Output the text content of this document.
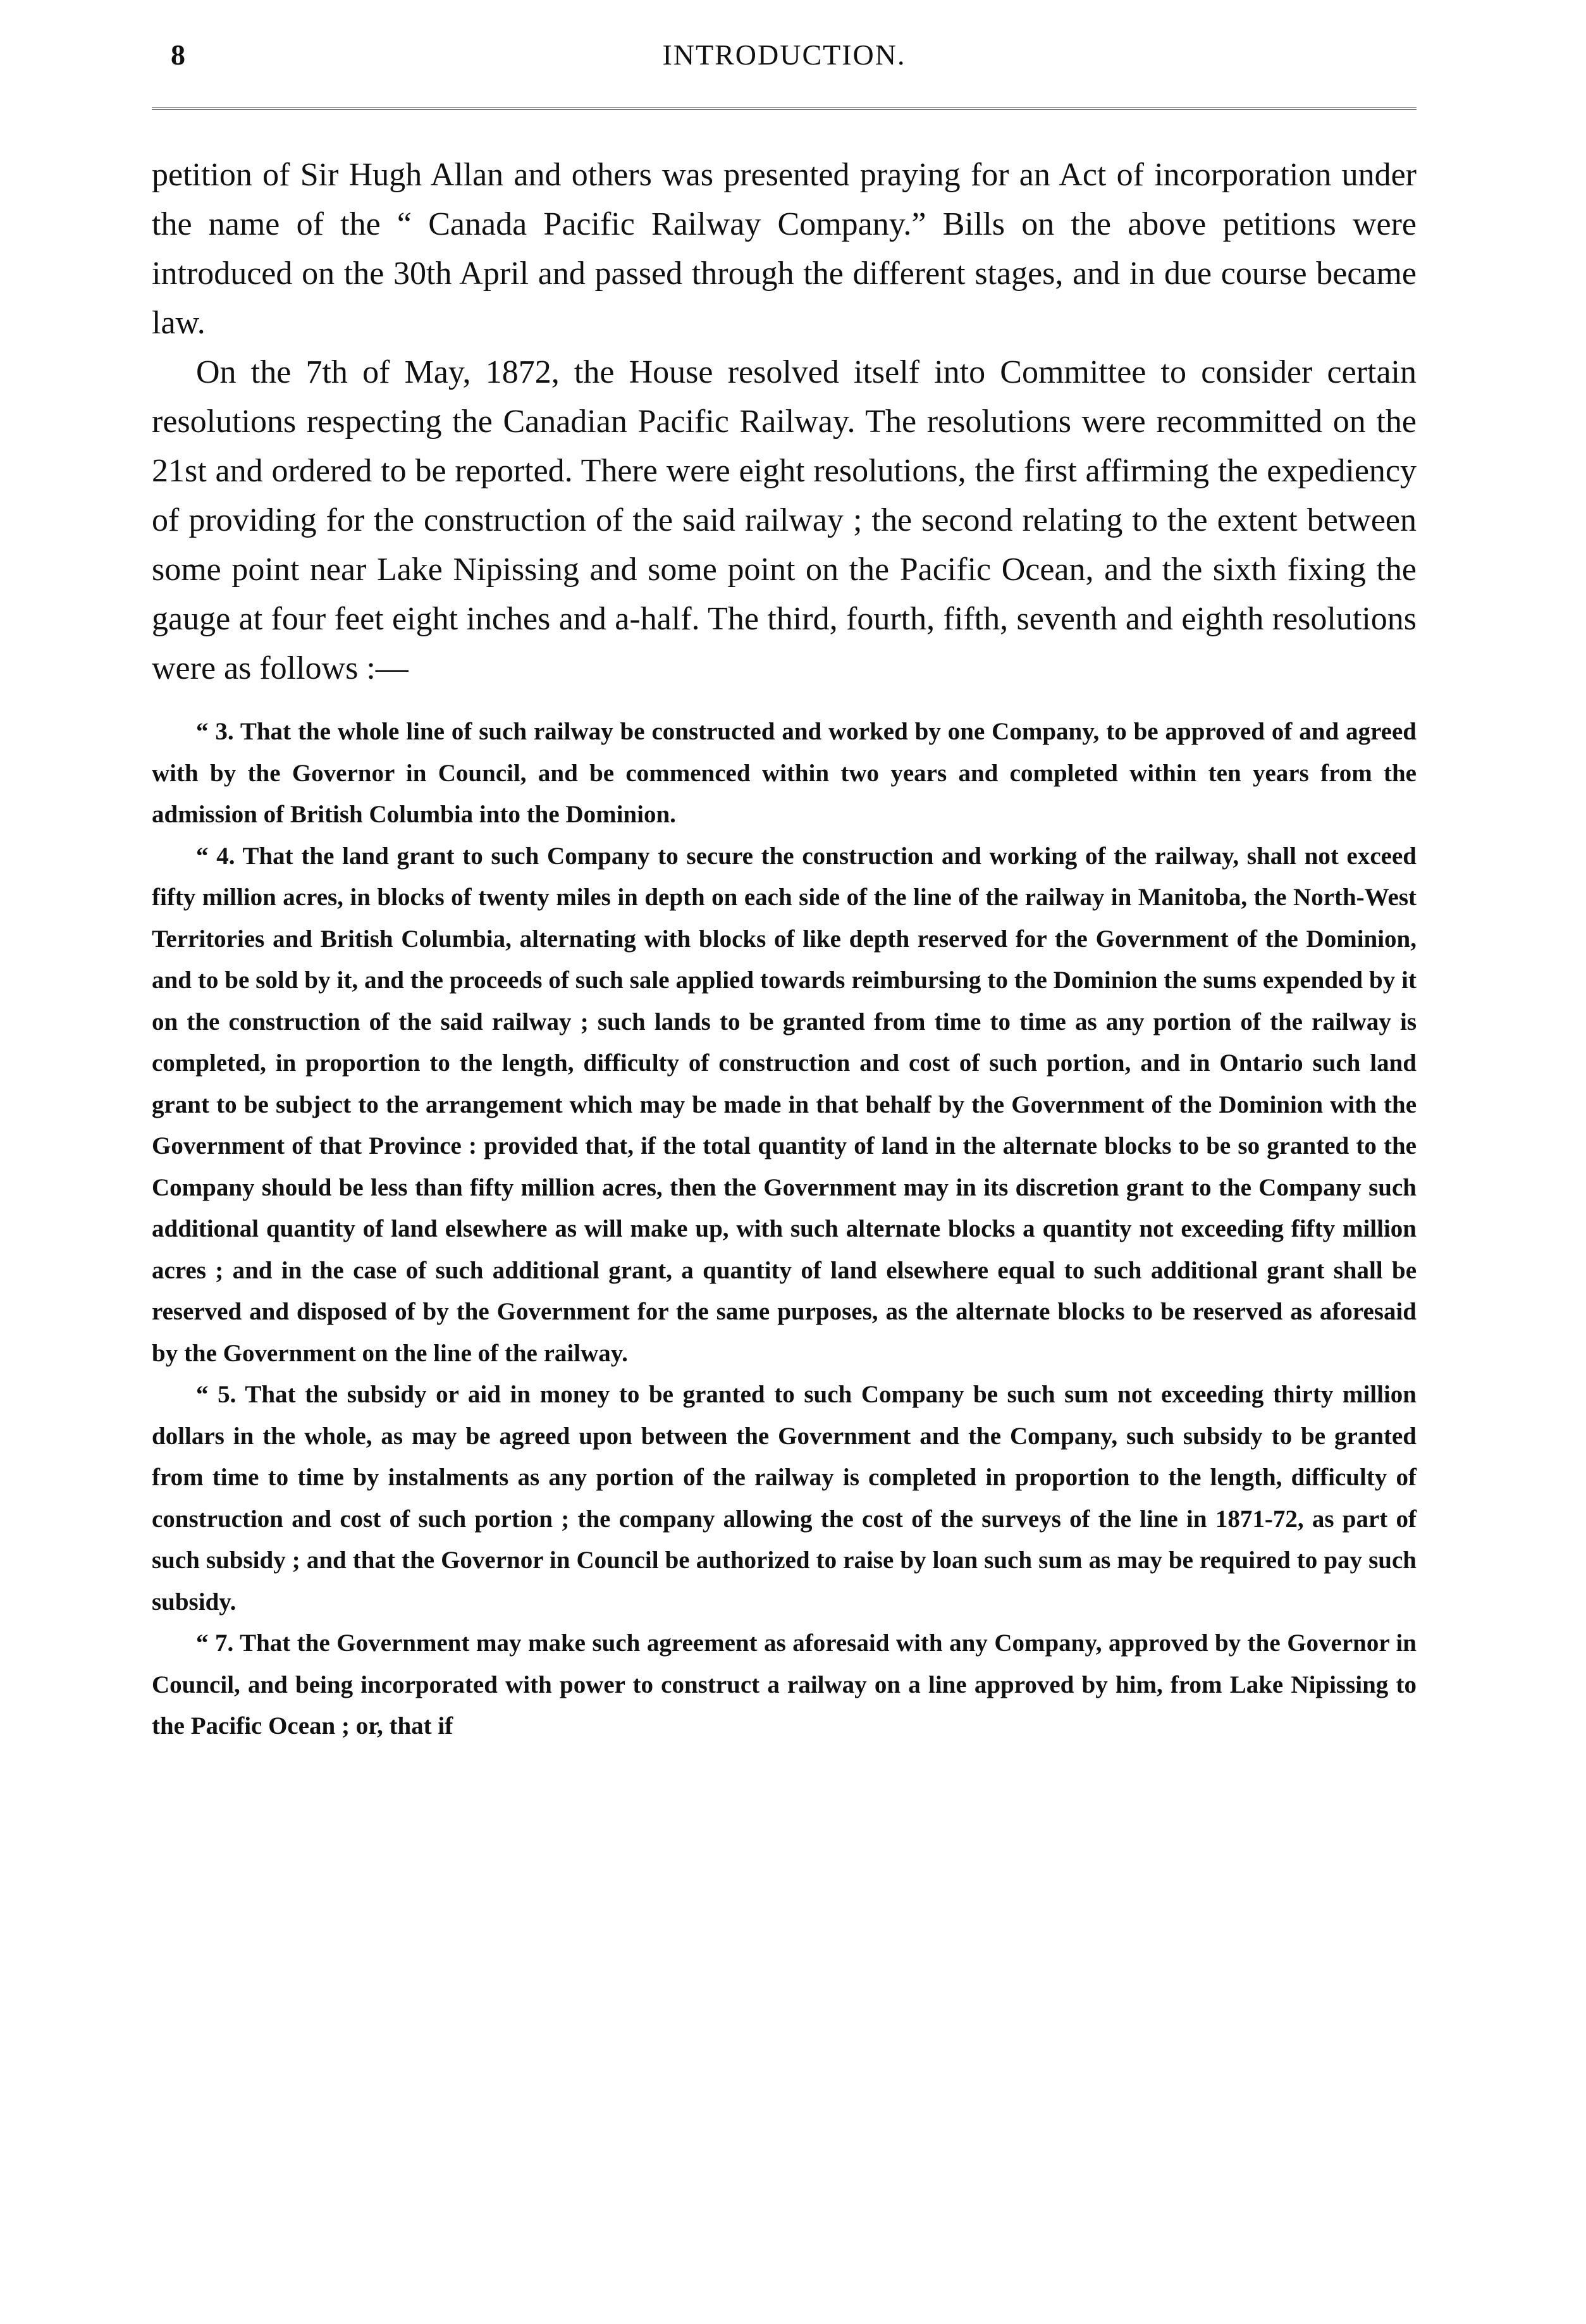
8	INTRODUCTION.

petition of Sir Hugh Allan and others was presented praying for an Act of incorporation under the name of the “ Canada Pacific Railway Company.” Bills on the above petitions were introduced on the 30th April and passed through the different stages, and in due course became law.

On the 7th of May, 1872, the House resolved itself into Committee to consider certain resolutions respecting the Canadian Pacific Railway. The resolutions were recommitted on the 21st and ordered to be reported. There were eight resolutions, the first affirming the expediency of providing for the construction of the said railway ; the second relating to the extent between some point near Lake Nipissing and some point on the Pacific Ocean, and the sixth fixing the gauge at four feet eight inches and a-half. The third, fourth, fifth, seventh and eighth resolutions were as follows :—

“ 3. That the whole line of such railway be constructed and worked by one Company, to be approved of and agreed with by the Governor in Council, and be commenced within two years and completed within ten years from the admission of British Columbia into the Dominion.

“ 4. That the land grant to such Company to secure the construction and working of the railway, shall not exceed fifty million acres, in blocks of twenty miles in depth on each side of the line of the railway in Manitoba, the North-West Territories and British Columbia, alternating with blocks of like depth reserved for the Government of the Dominion, and to be sold by it, and the proceeds of such sale applied towards reimbursing to the Dominion the sums expended by it on the construction of the said railway ; such lands to be granted from time to time as any portion of the railway is completed, in proportion to the length, difficulty of construction and cost of such portion, and in Ontario such land grant to be subject to the arrangement which may be made in that behalf by the Government of the Dominion with the Government of that Province : provided that, if the total quantity of land in the alternate blocks to be so granted to the Company should be less than fifty million acres, then the Government may in its discretion grant to the Company such additional quantity of land elsewhere as will make up, with such alternate blocks a quantity not exceeding fifty million acres ; and in the case of such additional grant, a quantity of land elsewhere equal to such additional grant shall be reserved and disposed of by the Government for the same purposes, as the alternate blocks to be reserved as aforesaid by the Government on the line of the railway.

“ 5. That the subsidy or aid in money to be granted to such Company be such sum not exceeding thirty million dollars in the whole, as may be agreed upon between the Government and the Company, such subsidy to be granted from time to time by instalments as any portion of the railway is completed in proportion to the length, difficulty of construction and cost of such portion ; the company allowing the cost of the surveys of the line in 1871-72, as part of such subsidy ; and that the Governor in Council be authorized to raise by loan such sum as may be required to pay such subsidy.

“ 7. That the Government may make such agreement as aforesaid with any Company, approved by the Governor in Council, and being incorporated with power to construct a railway on a line approved by him, from Lake Nipissing to the Pacific Ocean ; or, that if
